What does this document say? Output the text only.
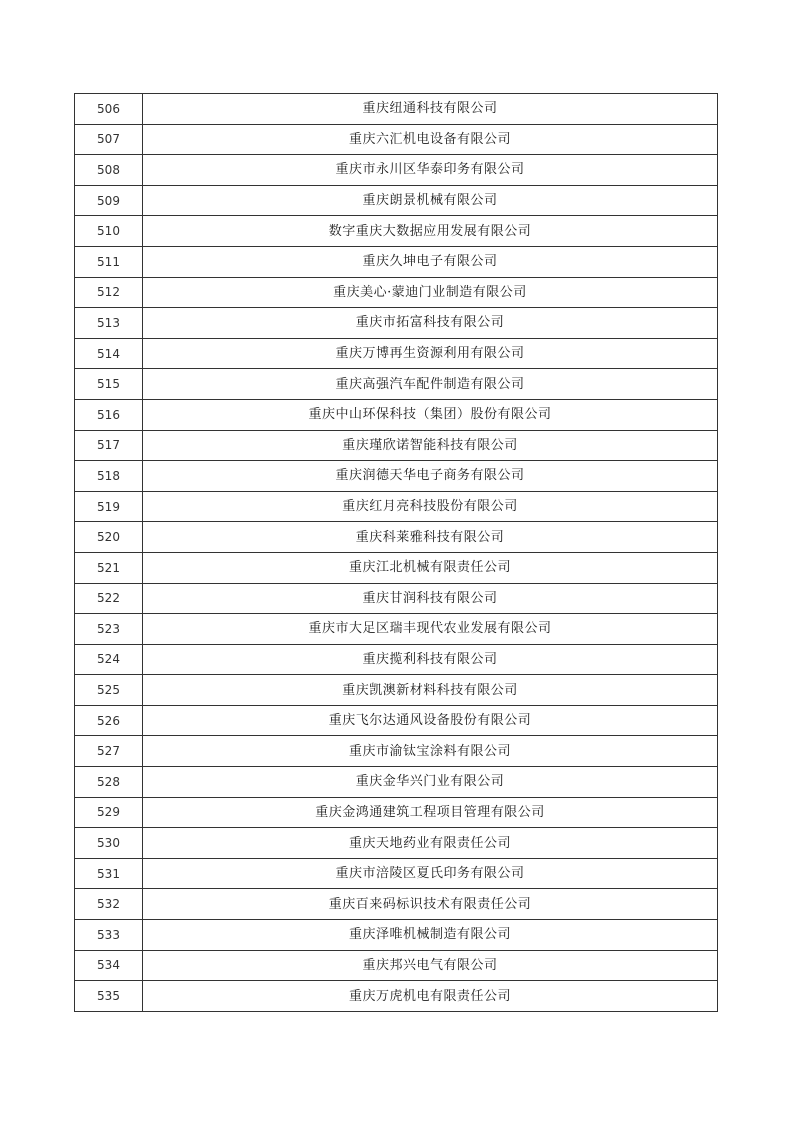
506	重庆纽通科技有限公司
507	重庆六汇机电设备有限公司
508	重庆市永川区华泰印务有限公司
509	重庆朗景机械有限公司
510	数字重庆大数据应用发展有限公司
511	重庆久坤电子有限公司
512	重庆美心·蒙迪门业制造有限公司
513	重庆市拓富科技有限公司
514	重庆万博再生资源利用有限公司
515	重庆高强汽车配件制造有限公司
516	重庆中山环保科技（集团）股份有限公司
517	重庆瑾欣诺智能科技有限公司
518	重庆润德天华电子商务有限公司
519	重庆红月亮科技股份有限公司
520	重庆科莱雅科技有限公司
521	重庆江北机械有限责任公司
522	重庆甘润科技有限公司
523	重庆市大足区瑞丰现代农业发展有限公司
524	重庆揽利科技有限公司
525	重庆凯澳新材料科技有限公司
526	重庆飞尔达通风设备股份有限公司
527	重庆市渝钛宝涂料有限公司
528	重庆金华兴门业有限公司
529	重庆金鸿通建筑工程项目管理有限公司
530	重庆天地药业有限责任公司
531	重庆市涪陵区夏氏印务有限公司
532	重庆百来码标识技术有限责任公司
533	重庆泽唯机械制造有限公司
534	重庆邦兴电气有限公司
535	重庆万虎机电有限责任公司
